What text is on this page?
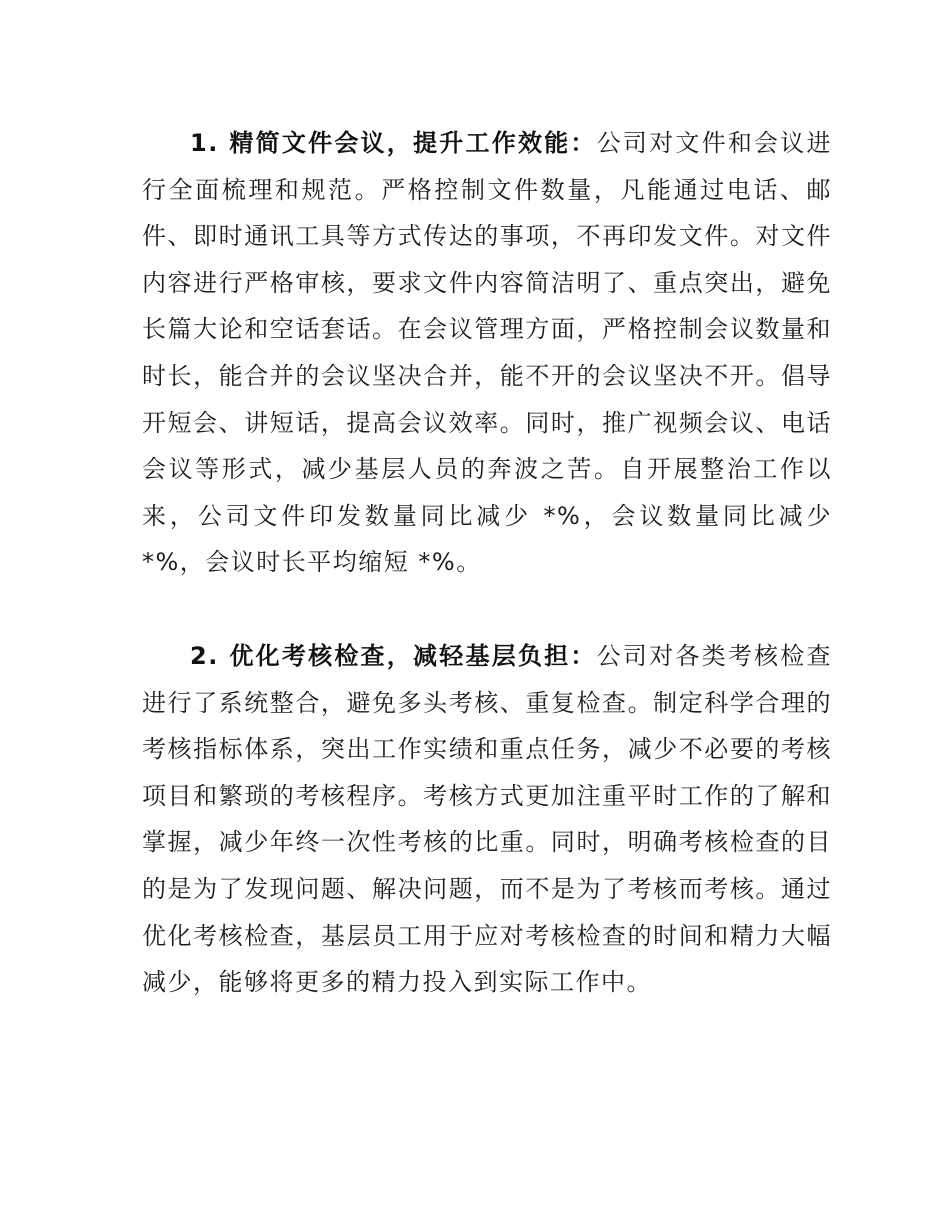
1. 精简文件会议，提升工作效能：公司对文件和会议进行全面梳理和规范。严格控制文件数量，凡能通过电话、邮件、即时通讯工具等方式传达的事项，不再印发文件。对文件内容进行严格审核，要求文件内容简洁明了、重点突出，避免长篇大论和空话套话。在会议管理方面，严格控制会议数量和时长，能合并的会议坚决合并，能不开的会议坚决不开。倡导开短会、讲短话，提高会议效率。同时，推广视频会议、电话会议等形式，减少基层人员的奔波之苦。自开展整治工作以来，公司文件印发数量同比减少 *%，会议数量同比减少 *%，会议时长平均缩短 *%。

2. 优化考核检查，减轻基层负担：公司对各类考核检查进行了系统整合，避免多头考核、重复检查。制定科学合理的考核指标体系，突出工作实绩和重点任务，减少不必要的考核项目和繁琐的考核程序。考核方式更加注重平时工作的了解和掌握，减少年终一次性考核的比重。同时，明确考核检查的目的是为了发现问题、解决问题，而不是为了考核而考核。通过优化考核检查，基层员工用于应对考核检查的时间和精力大幅减少，能够将更多的精力投入到实际工作中。
